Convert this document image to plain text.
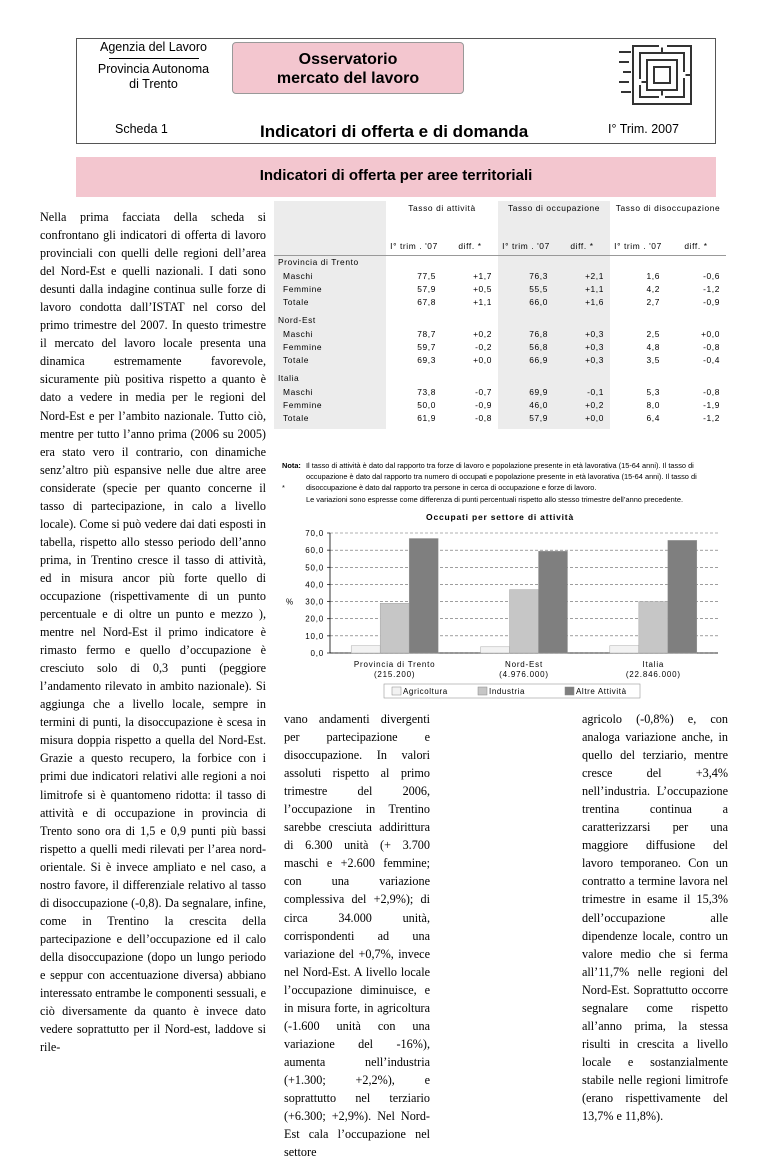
Agenzia del Lavoro
Provincia Autonoma
di Trento
Scheda 1
Osservatorio
mercato del lavoro
Indicatori di offerta e di domanda	I° Trim. 2007
Indicatori di offerta per aree territoriali
Nella prima facciata della scheda si confrontano gli indicatori di offerta di lavoro provinciali con quelli delle regioni dell’area del Nord-Est e quelli nazionali. I dati sono desunti dalla indagine continua sulle forze di lavoro condotta dall’ISTAT nel corso del primo trimestre del 2007. In questo trimestre il mercato del lavoro locale presenta una dinamica estremamente favorevole, sicuramente più positiva rispetto a quanto è dato a vedere in media per le regioni del Nord-Est e per l’ambito nazionale. Tutto ciò, mentre per tutto l’anno prima (2006 su 2005) era stato vero il contrario, con dinamiche senz’altro più espansive nelle due altre aree considerate (specie per quanto concerne il tasso di partecipazione, in calo a livello locale). Come si può vedere dai dati esposti in tabella, rispetto allo stesso periodo dell’anno prima, in Trentino cresce il tasso di attività, ed in misura ancor più forte quello di occupazione (rispettivamente di un punto percentuale e di oltre un punto e mezzo ), mentre nel Nord-Est il primo indicatore è rimasto fermo e quello d’occupazione è cresciuto solo di 0,3 punti (peggiore l’andamento rilevato in ambito nazionale). Si aggiunga che a livello locale, sempre in termini di punti, la disoccupazione è scesa in misura doppia rispetto a quella del Nord-Est. Grazie a questo recupero, la forbice con i primi due indicatori relativi alle regioni a noi limitrofe si è quantomeno ridotta: il tasso di attività e di occupazione in provincia di Trento sono ora di 1,5 e 0,9 punti più bassi rispetto a quelli medi rilevati per l’area nord-orientale. Si è invece ampliato e nel caso, a nostro favore, il differenziale relativo al tasso di disoccupazione (-0,8). Da segnalare, infine, come in Trentino la crescita della partecipazione e dell’occupazione ed il calo della disoccupazione (dopo un lungo periodo e seppur con accentuazione diversa) abbiano interessato entrambe le componenti sessuali, e ciò diversamente da quanto è invece dato vedere soprattutto per il Nord-est, laddove si rile-
	Tasso di attività		Tasso di occupazione		Tasso di disoccupazione	
	I° trim . '07	diff. *	I° trim . '07	diff. *	I° trim . '07	diff. *
Provincia di Trento						
Maschi	77,5	+1,7	76,3	+2,1	1,6	-0,6
Femmine	57,9	+0,5	55,5	+1,1	4,2	-1,2
Totale	67,8	+1,1	66,0	+1,6	2,7	-0,9

Nord-Est						
Maschi	78,7	+0,2	76,8	+0,3	2,5	+0,0
Femmine	59,7	-0,2	56,8	+0,3	4,8	-0,8
Totale	69,3	+0,0	66,9	+0,3	3,5	-0,4

Italia						
Maschi	73,8	-0,7	69,9	-0,1	5,3	-0,8
Femmine	50,0	-0,9	46,0	+0,2	8,0	-1,9
Totale	61,9	-0,8	57,9	+0,0	6,4	-1,2

Nota:
*
Il tasso di attività è dato dal rapporto tra forze di lavoro e popolazione presente in età lavorativa (15-64 anni). Il tasso di occupazione è dato dal rapporto tra numero di occupati e popolazione presente in età lavorativa (15-64 anni). Il tasso di disoccupazione è dato dal rapporto tra persone in cerca di occupazione e forze di lavoro.
Le variazioni sono espresse come differenza di punti percentuali rispetto allo stesso trimestre dell’anno precedente.
Occupati per settore di attività
0,0
10,0
20,0
30,0
40,0
50,0
60,0
70,0
%
Provincia di Trento
(215.200)
Nord-Est
(4.976.000)
Italia
(22.846.000)
Agricoltura	Industria	Altre Attività
vano andamenti divergenti per partecipazione e disoccupazione. In valori assoluti rispetto al primo trimestre del 2006, l’occupazione in Trentino sarebbe cresciuta addirittura di 6.300 unità (+ 3.700 maschi e +2.600 femmine; con una variazione complessiva del +2,9%); di circa 34.000 unità, corrispondenti ad una variazione del +0,7%, invece nel Nord-Est. A livello locale l’occupazione diminuisce, e in misura forte, in agricoltura (-1.600 unità con una variazione del -16%), aumenta nell’industria (+1.300; +2,2%), e soprattutto nel terziario (+6.300; +2,9%). Nel Nord-Est cala l’occupazione nel settore
agricolo (-0,8%) e, con analoga variazione anche, in quello del terziario, mentre cresce del +3,4% nell’industria. L’occupazione trentina continua a caratterizzarsi per una maggiore diffusione del lavoro temporaneo. Con un contratto a termine lavora nel trimestre in esame il 15,3% dell’occupazione alle dipendenze locale, contro un valore medio che si ferma all’11,7% nelle regioni del Nord-Est. Soprattutto occorre segnalare come rispetto all’anno prima, la stessa risulti in crescita a livello locale e sostanzialmente stabile nelle regioni limitrofe (erano rispettivamente del 13,7% e 11,8%).
